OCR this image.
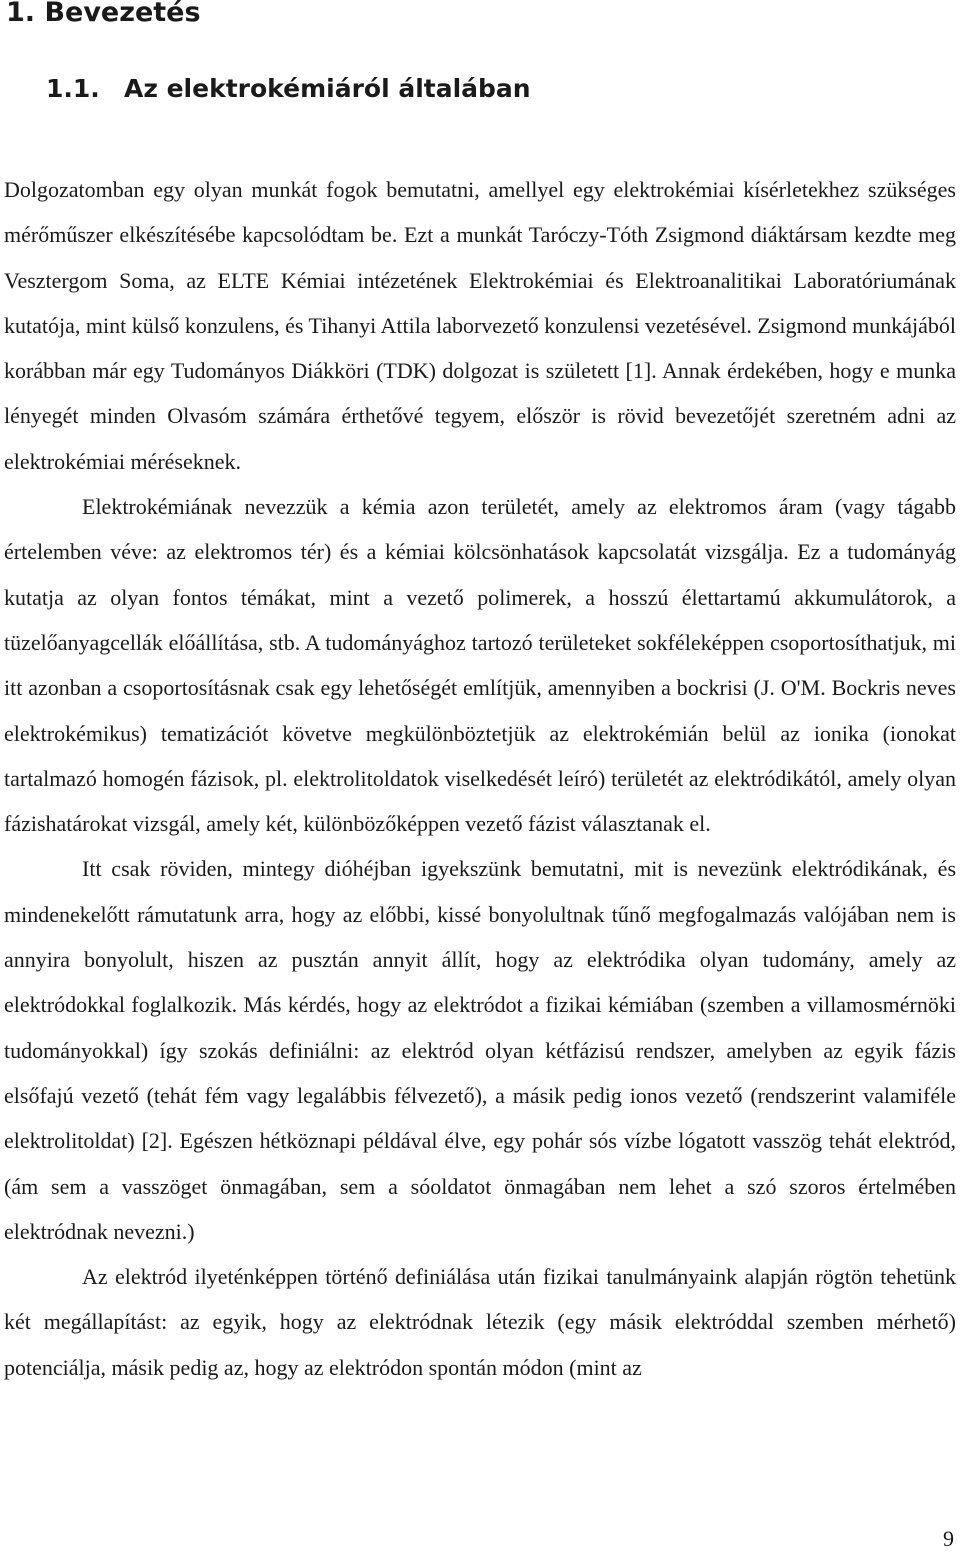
1. Bevezetés
1.1. Az elektrokémiáról általában

Dolgozatomban egy olyan munkát fogok bemutatni, amellyel egy elektrokémiai kísérletekhez szükséges mérőműszer elkészítésébe kapcsolódtam be. Ezt a munkát Taróczy-Tóth Zsigmond diáktársam kezdte meg Vesztergom Soma, az ELTE Kémiai intézetének Elektrokémiai és Elektroanalitikai Laboratóriumának kutatója, mint külső konzulens, és Tihanyi Attila laborvezető konzulensi vezetésével. Zsigmond munkájából korábban már egy Tudományos Diákköri (TDK) dolgozat is született [1]. Annak érdekében, hogy e munka lényegét minden Olvasóm számára érthetővé tegyem, először is rövid bevezetőjét szeretném adni az elektrokémiai méréseknek.

Elektrokémiának nevezzük a kémia azon területét, amely az elektromos áram (vagy tágabb értelemben véve: az elektromos tér) és a kémiai kölcsönhatások kapcsolatát vizsgálja. Ez a tudományág kutatja az olyan fontos témákat, mint a vezető polimerek, a hosszú élettartamú akkumulátorok, a tüzelőanyagcellák előállítása, stb. A tudományághoz tartozó területeket sokféleképpen csoportosíthatjuk, mi itt azonban a csoportosításnak csak egy lehetőségét említjük, amennyiben a bockrisi (J. O'M. Bockris neves elektrokémikus) tematizációt követve megkülönböztetjük az elektrokémián belül az ionika (ionokat tartalmazó homogén fázisok, pl. elektrolitoldatok viselkedését leíró) területét az elektródikától, amely olyan fázishatárokat vizsgál, amely két, különbözőképpen vezető fázist választanak el.

Itt csak röviden, mintegy dióhéjban igyekszünk bemutatni, mit is nevezünk elektródikának, és mindenekelőtt rámutatunk arra, hogy az előbbi, kissé bonyolultnak tűnő megfogalmazás valójában nem is annyira bonyolult, hiszen az pusztán annyit állít, hogy az elektródika olyan tudomány, amely az elektródokkal foglalkozik. Más kérdés, hogy az elektródot a fizikai kémiában (szemben a villamosmérnöki tudományokkal) így szokás definiálni: az elektród olyan kétfázisú rendszer, amelyben az egyik fázis elsőfajú vezető (tehát fém vagy legalábbis félvezető), a másik pedig ionos vezető (rendszerint valamiféle elektrolitoldat) [2]. Egészen hétköznapi példával élve, egy pohár sós vízbe lógatott vasszög tehát elektród, (ám sem a vasszöget önmagában, sem a sóoldatot önmagában nem lehet a szó szoros értelmében elektródnak nevezni.)

Az elektród ilyeténképpen történő definiálása után fizikai tanulmányaink alapján rögtön tehetünk két megállapítást: az egyik, hogy az elektródnak létezik (egy másik elektróddal szemben mérhető) potenciálja, másik pedig az, hogy az elektródon spontán módon (mint az

9
